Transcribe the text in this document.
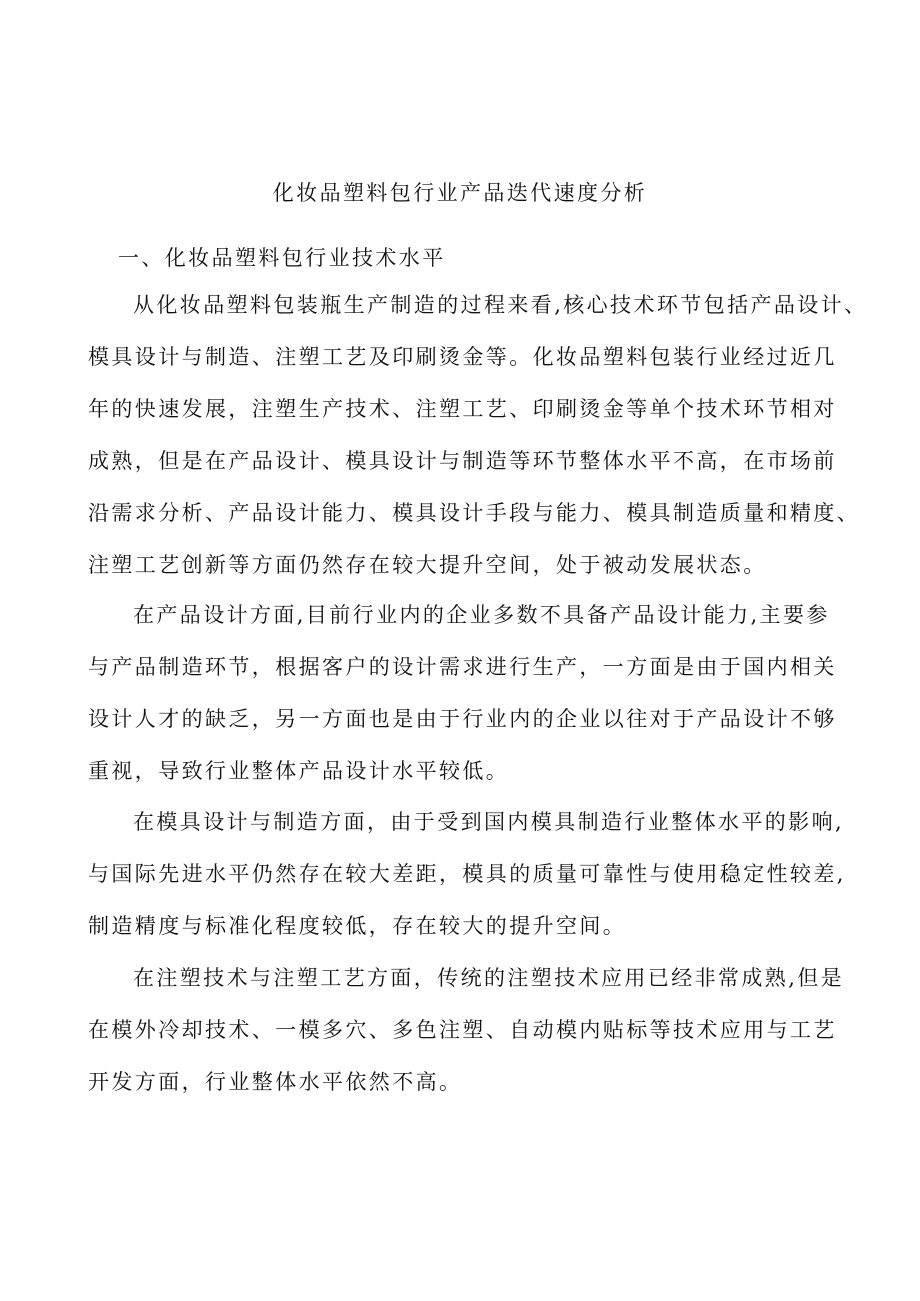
化妆品塑料包行业产品迭代速度分析
一、化妆品塑料包行业技术水平
从化妆品塑料包装瓶生产制造的过程来看,核心技术环节包括产品设计、
模具设计与制造、注塑工艺及印刷烫金等。化妆品塑料包装行业经过近几
年的快速发展，注塑生产技术、注塑工艺、印刷烫金等单个技术环节相对
成熟，但是在产品设计、模具设计与制造等环节整体水平不高，在市场前
沿需求分析、产品设计能力、模具设计手段与能力、模具制造质量和精度、
注塑工艺创新等方面仍然存在较大提升空间，处于被动发展状态。
在产品设计方面,目前行业内的企业多数不具备产品设计能力,主要参
与产品制造环节，根据客户的设计需求进行生产，一方面是由于国内相关
设计人才的缺乏，另一方面也是由于行业内的企业以往对于产品设计不够
重视，导致行业整体产品设计水平较低。
在模具设计与制造方面，由于受到国内模具制造行业整体水平的影响,
与国际先进水平仍然存在较大差距，模具的质量可靠性与使用稳定性较差,
制造精度与标准化程度较低，存在较大的提升空间。
在注塑技术与注塑工艺方面，传统的注塑技术应用已经非常成熟,但是
在模外冷却技术、一模多穴、多色注塑、自动模内贴标等技术应用与工艺
开发方面，行业整体水平依然不高。
